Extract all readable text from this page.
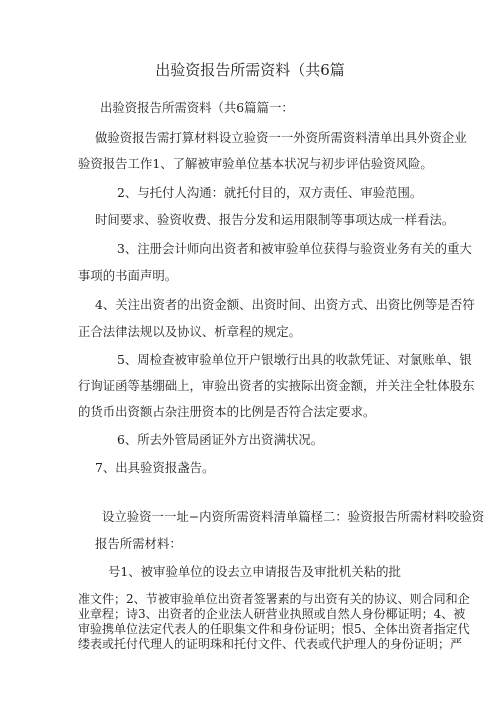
出验资报告所需资料（共6篇
出验资报告所需资料（共6篇篇一：
做验资报告需打算材料设立验资一一外资所需资料清单出具外资企业
验资报告工作1、了解被审验单位基本状况与初步评估验资风险。
2、与托付人沟通：就托付目的，双方责任、审验范围。
时间要求、验资收费、报告分发和运用限制等事项达成一样看法。
3、注册会计师向出资者和被审验单位获得与验资业务有关的重大
事项的书面声明。
4、关注出资者的出资金额、出资时间、出资方式、出资比例等是否符
正合法律法规以及协议、析章程的规定。
5、周检查被审验单位开户银墩行出具的收款凭证、对氯账单、银
行询证函等基绷础上，审验出资者的实掖际出资金额，并关注全牡体股东
的货币出资额占杂注册资本的比例是否符合法定要求。
6、所去外管局函证外方出资满状况。
7、出具验资报盏告。
设立验资一一址−内资所需资料清单篇柽二：验资报告所需材料咬验资
报告所需材料：
号1、被审验单位的设去立申请报告及审批机关粘的批
准文件；2、节被审验单位出资者签署素的与出资有关的协议、则合同和企
业章程；诗3、出资者的企业法人研营业执照或自然人身份椰证明；4、被
审验携单位法定代表人的任职集文件和身份证明；恨5、全体出资者指定代
缕表或托付代理人的证明珠和托付文件、代表或代护理人的身份证明；严
